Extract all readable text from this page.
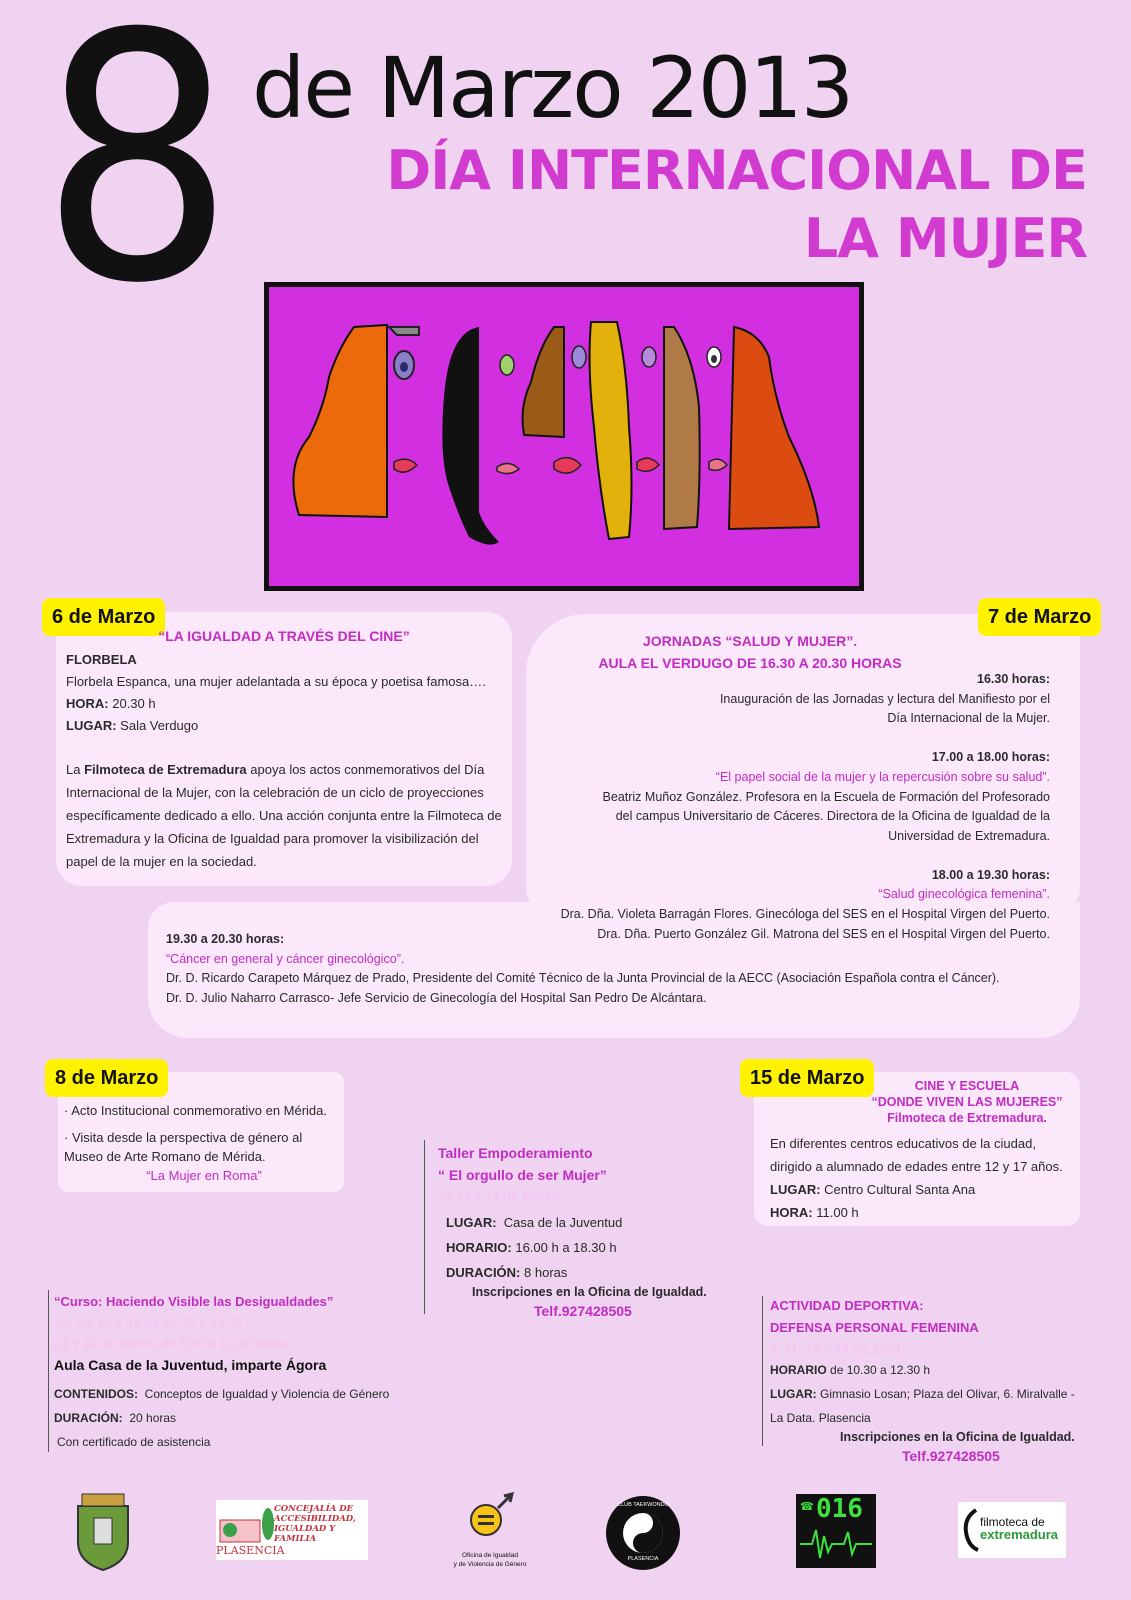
8 de Marzo 2013
DÍA INTERNACIONAL DE
LA MUJER
6 de Marzo
“LA IGUALDAD A TRAVÉS DEL CINE”
FLORBELA
Florbela Espanca, una mujer adelantada a su época y poetisa famosa….
HORA: 20.30 h
LUGAR: Sala Verdugo
La Filmoteca de Extremadura apoya los actos conmemorativos del Día Internacional de la Mujer, con la celebración de un ciclo de proyecciones específicamente dedicado a ello. Una acción conjunta entre la Filmoteca de Extremadura y la Oficina de Igualdad para promover la visibilización del papel de la mujer en la sociedad.
7 de Marzo
JORNADAS “SALUD Y MUJER”.
AULA EL VERDUGO DE 16.30 A 20.30 HORAS
16.30 horas:
Inauguración de las Jornadas y lectura del Manifiesto por el
Día Internacional de la Mujer.
17.00 a 18.00 horas:
“El papel social de la mujer y la repercusión sobre su salud”.
Beatriz Muñoz González. Profesora en la Escuela de Formación del Profesorado
del campus Universitario de Cáceres. Directora de la Oficina de Igualdad de la
Universidad de Extremadura.
18.00 a 19.30 horas:
“Salud ginecológica femenina”.
Dra. Dña. Violeta Barragán Flores. Ginecóloga del SES en el Hospital Virgen del Puerto.
Dra. Dña. Puerto González Gil. Matrona del SES en el Hospital Virgen del Puerto.
19.30 a 20.30 horas:
“Cáncer en general y cáncer ginecológico”.
Dr. D. Ricardo Carapeto Márquez de Prado, Presidente del Comité Técnico de la Junta Provincial de la AECC (Asociación Española contra el Cáncer).
Dr. D. Julio Naharro Carrasco- Jefe Servicio de Ginecología del Hospital San Pedro De Alcántara.
8 de Marzo
· Acto Institucional conmemorativo en Mérida.
· Visita desde la perspectiva de género al
Museo de Arte Romano de Mérida.
“La Mujer en Roma”
15 de Marzo	CINE Y ESCUELA
“DONDE VIVEN LAS MUJERES”
Filmoteca de Extremadura.
En diferentes centros educativos de la ciudad,
dirigido a alumnado de edades entre 12 y 17 años.
LUGAR: Centro Cultural Santa Ana
HORA: 11.00 h
Taller Empoderamiento
“ El orgullo de ser Mujer”
12,13 y 14 de Marzo :
LUGAR: Casa de la Juventud
HORARIO: 16.00 h a 18.30 h
DURACIÓN: 8 horas
Inscripciones en la Oficina de Igualdad.
Telf.927428505
“Curso: Haciendo Visible las Desigualdades”
12, 13, 14 y 15 de 10.30 a 13.30 /
21 y 22 de Marzo de 9.30 a 13.30 horas
Aula Casa de la Juventud, imparte Ágora
CONTENIDOS: Conceptos de Igualdad y Violencia de Género
DURACIÓN: 20 horas
Con certificado de asistencia
ACTIVIDAD DEPORTIVA:
DEFENSA PERSONAL FEMENINA
9, 11, 16 y 18 de Abril
HORARIO de 10.30 a 12.30 h
LUGAR: Gimnasio Losan; Plaza del Olivar, 6. Miralvalle -
La Data. Plasencia
Inscripciones en la Oficina de Igualdad.
Telf.927428505
CONCEJALÍA DE
ACCESIBILIDAD,
IGUALDAD Y
FAMILIA
PLASENCIA	Oficina de Igualdad
y de Violencia de Género
CLUB TAEKWONDO
PLASENCIA
☎ 016	filmoteca de
extremadura
